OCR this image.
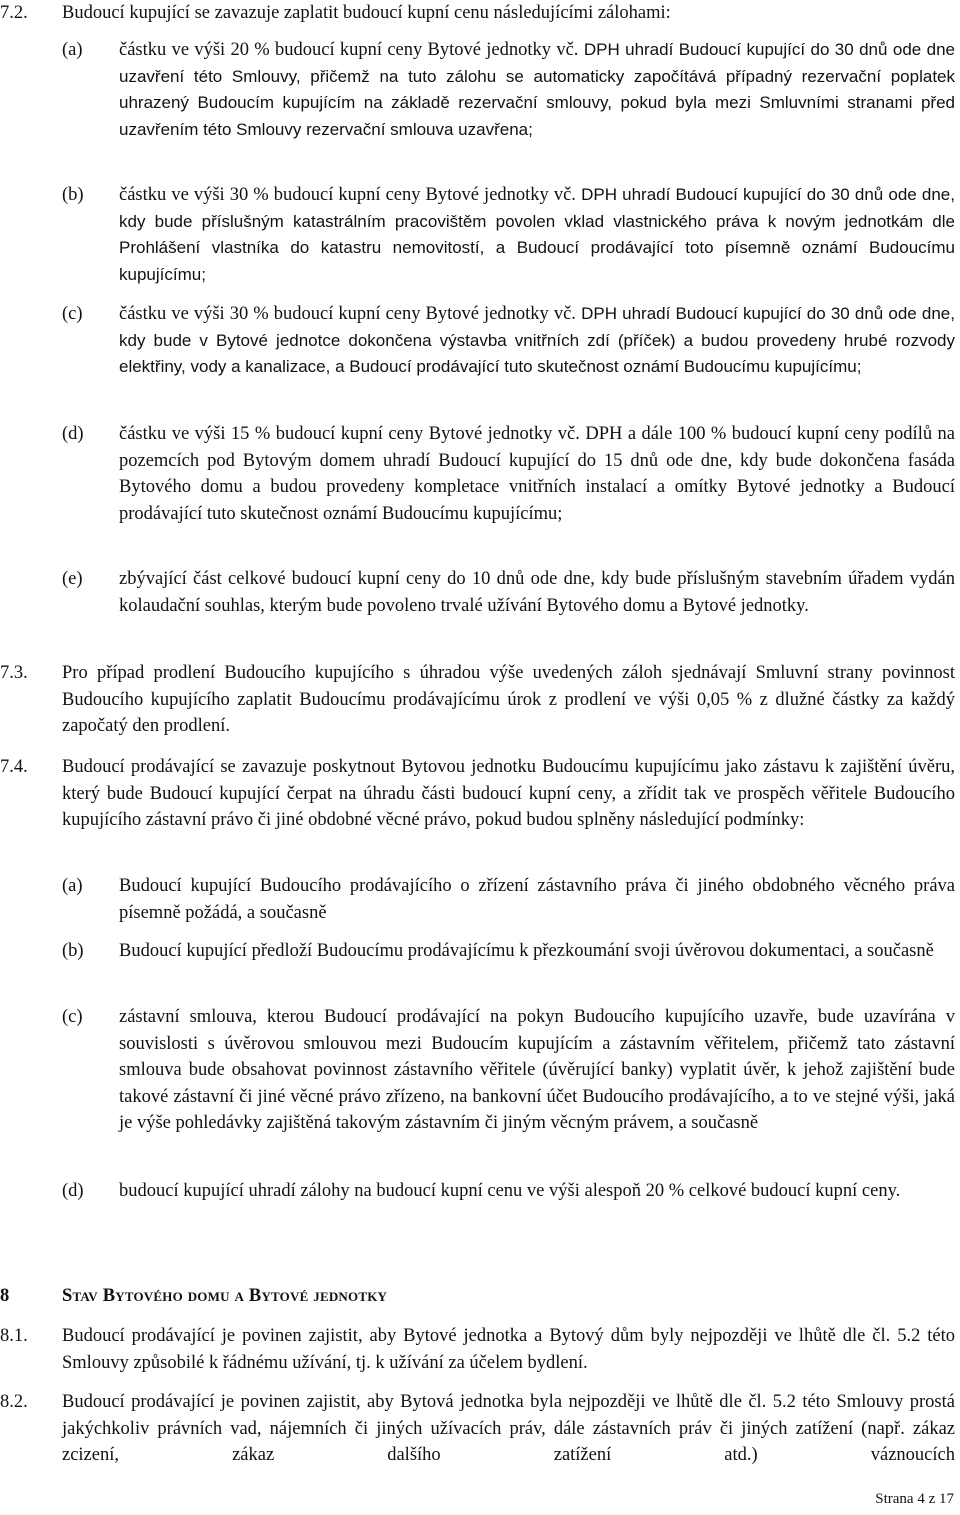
7.2. Budoucí kupující se zavazuje zaplatit budoucí kupní cenu následujícími zálohami:
(a) částku ve výši 20 % budoucí kupní ceny Bytové jednotky vč. DPH uhradí Budoucí kupující do 30 dnů ode dne uzavření této Smlouvy, přičemž na tuto zálohu se automaticky započítává případný rezervační poplatek uhrazený Budoucím kupujícím na základě rezervační smlouvy, pokud byla mezi Smluvními stranami před uzavřením této Smlouvy rezervační smlouva uzavřena;
(b) částku ve výši 30 % budoucí kupní ceny Bytové jednotky vč. DPH uhradí Budoucí kupující do 30 dnů ode dne, kdy bude příslušným katastrálním pracovištěm povolen vklad vlastnického práva k novým jednotkám dle Prohlášení vlastníka do katastru nemovitostí, a Budoucí prodávající toto písemně oznámí Budoucímu kupujícímu;
(c) částku ve výši 30 % budoucí kupní ceny Bytové jednotky vč. DPH uhradí Budoucí kupující do 30 dnů ode dne, kdy bude v Bytové jednotce dokončena výstavba vnitřních zdí (příček) a budou provedeny hrubé rozvody elektřiny, vody a kanalizace, a Budoucí prodávající tuto skutečnost oznámí Budoucímu kupujícímu;
(d) částku ve výši 15 % budoucí kupní ceny Bytové jednotky vč. DPH a dále 100 % budoucí kupní ceny podílů na pozemcích pod Bytovým domem uhradí Budoucí kupující do 15 dnů ode dne, kdy bude dokončena fasáda Bytového domu a budou provedeny kompletace vnitřních instalací a omítky Bytové jednotky a Budoucí prodávající tuto skutečnost oznámí Budoucímu kupujícímu;
(e) zbývající část celkové budoucí kupní ceny do 10 dnů ode dne, kdy bude příslušným stavebním úřadem vydán kolaudační souhlas, kterým bude povoleno trvalé užívání Bytového domu a Bytové jednotky.
7.3. Pro případ prodlení Budoucího kupujícího s úhradou výše uvedených záloh sjednávají Smluvní strany povinnost Budoucího kupujícího zaplatit Budoucímu prodávajícímu úrok z prodlení ve výši 0,05 % z dlužné částky za každý započatý den prodlení.
7.4. Budoucí prodávající se zavazuje poskytnout Bytovou jednotku Budoucímu kupujícímu jako zástavu k zajištění úvěru, který bude Budoucí kupující čerpat na úhradu části budoucí kupní ceny, a zřídit tak ve prospěch věřitele Budoucího kupujícího zástavní právo či jiné obdobné věcné právo, pokud budou splněny následující podmínky:
(a) Budoucí kupující Budoucího prodávajícího o zřízení zástavního práva či jiného obdobného věcného práva písemně požádá, a současně
(b) Budoucí kupující předloží Budoucímu prodávajícímu k přezkoumání svoji úvěrovou dokumentaci, a současně
(c) zástavní smlouva, kterou Budoucí prodávající na pokyn Budoucího kupujícího uzavře, bude uzavírána v souvislosti s úvěrovou smlouvou mezi Budoucím kupujícím a zástavním věřitelem, přičemž tato zástavní smlouva bude obsahovat povinnost zástavního věřitele (úvěrující banky) vyplatit úvěr, k jehož zajištění bude takové zástavní či jiné věcné právo zřízeno, na bankovní účet Budoucího prodávajícího, a to ve stejné výši, jaká je výše pohledávky zajištěná takovým zástavním či jiným věcným právem, a současně
(d) budoucí kupující uhradí zálohy na budoucí kupní cenu ve výši alespoň 20 % celkové budoucí kupní ceny.
8	Stav Bytového domu a Bytové jednotky
8.1. Budoucí prodávající je povinen zajistit, aby Bytové jednotka a Bytový dům byly nejpozději ve lhůtě dle čl. 5.2 této Smlouvy způsobilé k řádnému užívání, tj. k užívání za účelem bydlení.
8.2. Budoucí prodávající je povinen zajistit, aby Bytová jednotka byla nejpozději ve lhůtě dle čl. 5.2 této Smlouvy prostá jakýchkoliv právních vad, nájemních či jiných užívacích práv, dále zástavních práv či jiných zatížení (např. zákaz zcizení, zákaz dalšího zatížení atd.) váznoucích
Strana 4 z 17
